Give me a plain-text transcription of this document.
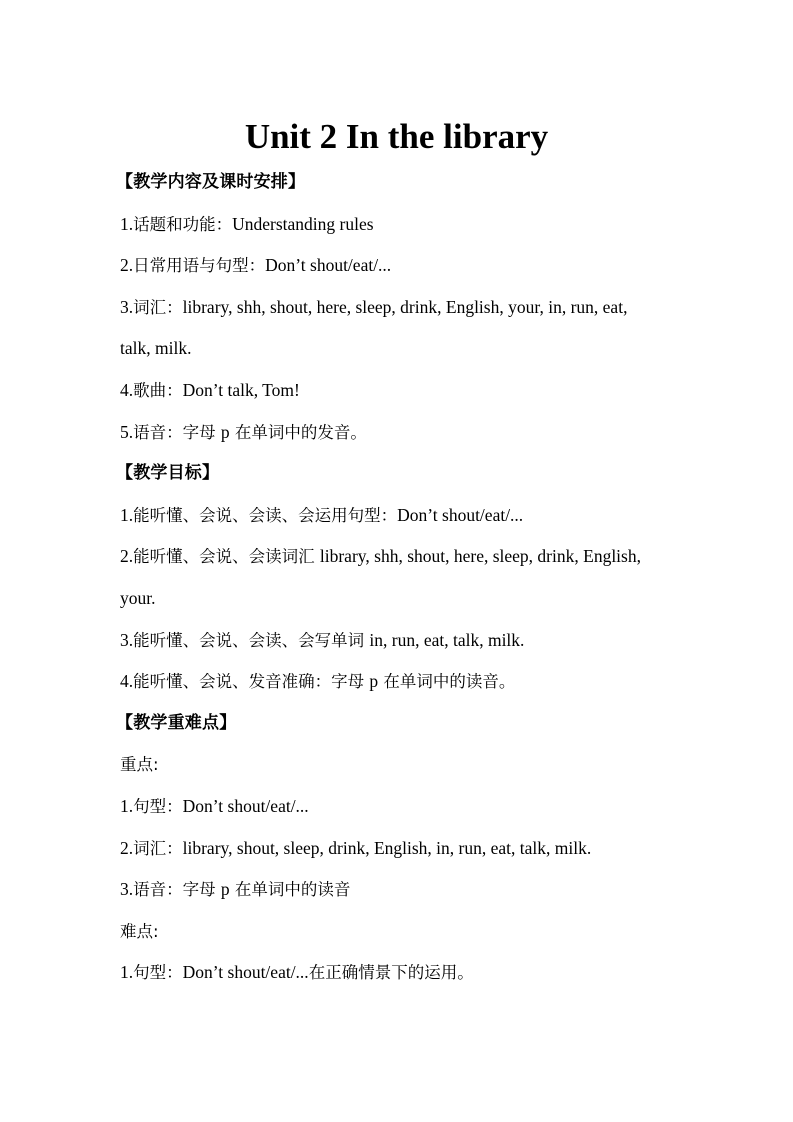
Unit 2 In the library
【教学内容及课时安排】
1.话题和功能：Understanding rules
2.日常用语与句型：Don’t shout/eat/...
3.词汇：library, shh, shout, here, sleep, drink, English, your, in, run, eat,
talk, milk.
4.歌曲：Don’t talk, Tom!
5.语音：字母 p 在单词中的发音。
【教学目标】
1.能听懂、会说、会读、会运用句型：Don’t shout/eat/...
2.能听懂、会说、会读词汇 library, shh, shout, here, sleep, drink, English,
your.
3.能听懂、会说、会读、会写单词 in, run, eat, talk, milk.
4.能听懂、会说、发音准确：字母 p 在单词中的读音。
【教学重难点】
重点:
1.句型：Don’t shout/eat/...
2.词汇：library, shout, sleep, drink, English, in, run, eat, talk, milk.
3.语音：字母 p 在单词中的读音
难点:
1.句型：Don’t shout/eat/...在正确情景下的运用。
